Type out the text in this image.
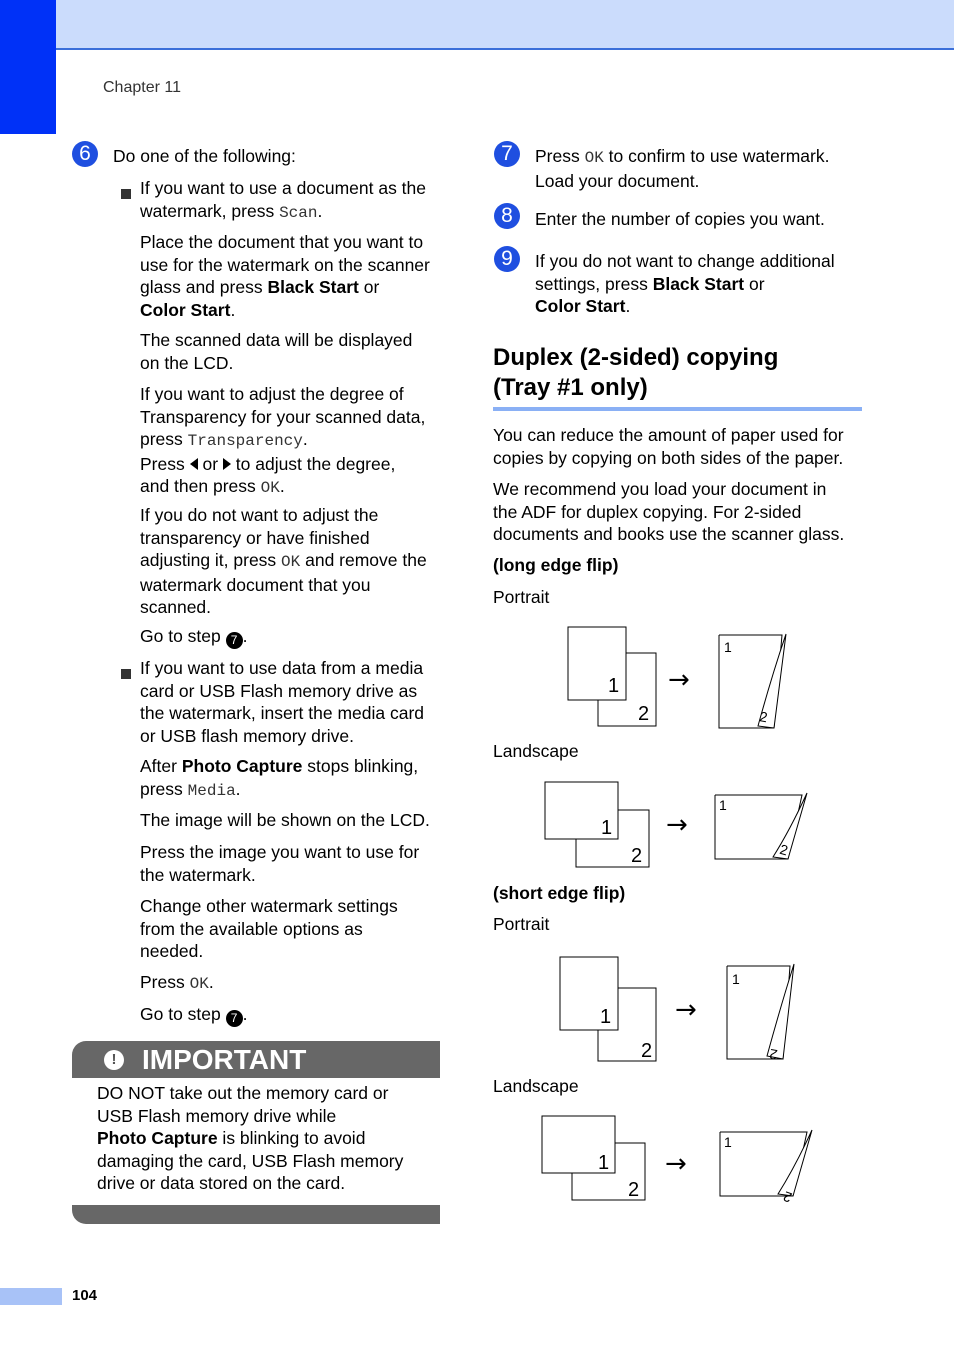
Chapter 11
6	Do one of the following:
If you want to use a document as the
watermark, press Scan.
Place the document that you want to
use for the watermark on the scanner
glass and press Black Start or
Color Start.
The scanned data will be displayed
on the LCD.
If you want to adjust the degree of
Transparency for your scanned data,
press Transparency.
Press  or  to adjust the degree,
and then press OK.
If you do not want to adjust the
transparency or have finished
adjusting it, press OK and remove the
watermark document that you
scanned.
Go to step 7 .
If you want to use data from a media
card or USB Flash memory drive as
the watermark, insert the media card
or USB flash memory drive.
After Photo Capture stops blinking,
press Media.
The image will be shown on the LCD.
Press the image you want to use for
the watermark.
Change other watermark settings
from the available options as
needed.
Press OK.
Go to step 7 .
! IMPORTANT
DO NOT take out the memory card or
USB Flash memory drive while
Photo Capture is blinking to avoid
damaging the card, USB Flash memory
drive or data stored on the card.
7	Press OK to confirm to use watermark.
Load your document.
8	Enter the number of copies you want.
9	If you do not want to change additional
settings, press Black Start or
Color Start.
Duplex (2-sided) copying
(Tray #1 only)
You can reduce the amount of paper used for
copies by copying on both sides of the paper.
We recommend you load your document in
the ADF for duplex copying. For 2-sided
documents and books use the scanner glass.
(long edge flip)
Portrait
1
2
→
1
2
Landscape
1
2
→
1
2
(short edge flip)
Portrait
1
2
→
1
2
Landscape
1
2
→
1
2
104
